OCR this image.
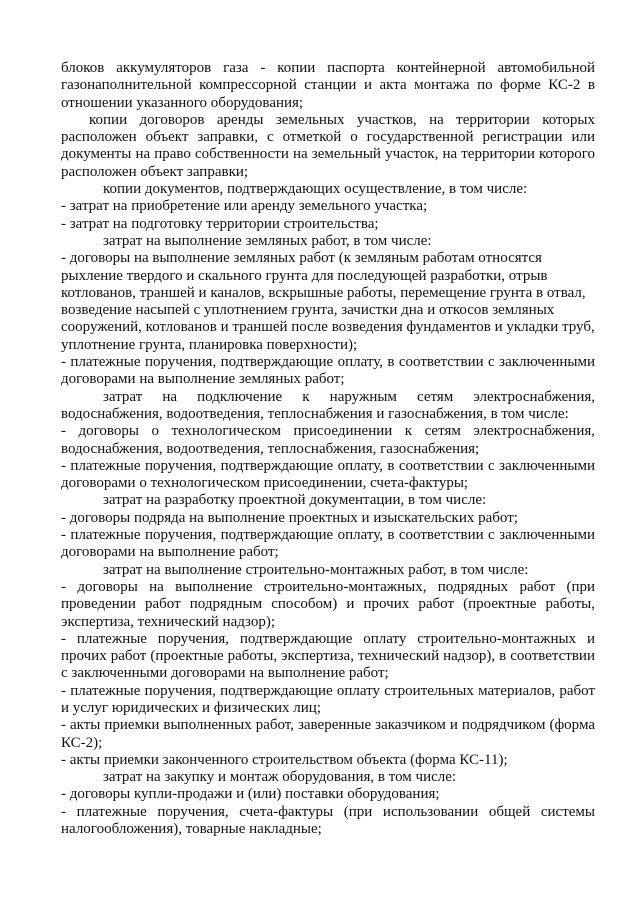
блоков аккумуляторов газа - копии паспорта контейнерной автомобильной газонаполнительной компрессорной станции и акта монтажа по форме КС-2 в отношении указанного оборудования;

копии договоров аренды земельных участков, на территории которых расположен объект заправки, с отметкой о государственной регистрации или документы на право собственности на земельный участок, на территории которого расположен объект заправки;

копии документов, подтверждающих осуществление, в том числе:

- затрат на приобретение или аренду земельного участка;

- затрат на подготовку территории строительства;

затрат на выполнение земляных работ, в том числе:

- договоры на выполнение земляных работ (к земляным работам относятся рыхление твердого и скального грунта для последующей разработки, отрыв котлованов, траншей и каналов, вскрышные работы, перемещение грунта в отвал, возведение насыпей с уплотнением грунта, зачистки дна и откосов земляных сооружений, котлованов и траншей после возведения фундаментов и укладки труб, уплотнение грунта, планировка поверхности);

- платежные поручения, подтверждающие оплату, в соответствии с заключенными договорами на выполнение земляных работ;

затрат на подключение к наружным сетям электроснабжения, водоснабжения, водоотведения, теплоснабжения и газоснабжения, в том числе:

- договоры о технологическом присоединении к сетям электроснабжения, водоснабжения, водоотведения, теплоснабжения, газоснабжения;

- платежные поручения, подтверждающие оплату, в соответствии с заключенными договорами о технологическом присоединении, счета-фактуры;

затрат на разработку проектной документации, в том числе:

- договоры подряда на выполнение проектных и изыскательских работ;

- платежные поручения, подтверждающие оплату, в соответствии с заключенными договорами на выполнение работ;

затрат на выполнение строительно-монтажных работ, в том числе:

- договоры на выполнение строительно-монтажных, подрядных работ (при проведении работ подрядным способом) и прочих работ (проектные работы, экспертиза, технический надзор);

- платежные поручения, подтверждающие оплату строительно-монтажных и прочих работ (проектные работы, экспертиза, технический надзор), в соответствии с заключенными договорами на выполнение работ;

- платежные поручения, подтверждающие оплату строительных материалов, работ и услуг юридических и физических лиц;

- акты приемки выполненных работ, заверенные заказчиком и подрядчиком (форма КС-2);

- акты приемки законченного строительством объекта (форма КС-11);

затрат на закупку и монтаж оборудования, в том числе:

- договоры купли-продажи и (или) поставки оборудования;

- платежные поручения, счета-фактуры (при использовании общей системы налогообложения), товарные накладные;
